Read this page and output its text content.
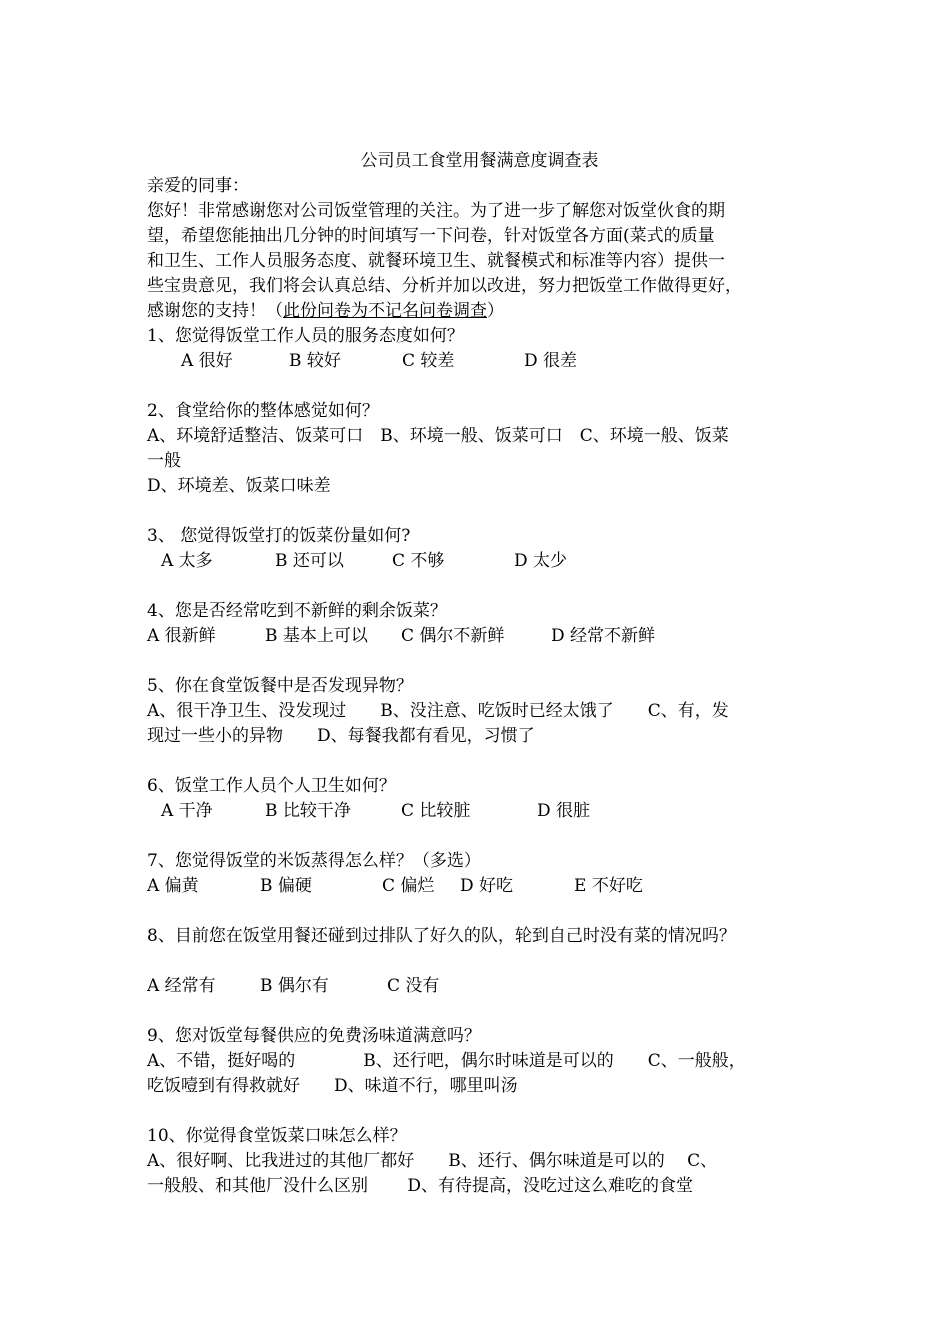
公司员工食堂用餐满意度调查表

亲爱的同事：

您好！非常感谢您对公司饭堂管理的关注。为了进一步了解您对饭堂伙食的期

望，希望您能抽出几分钟的时间填写一下问卷，针对饭堂各方面(菜式的质量

和卫生、工作人员服务态度、就餐环境卫生、就餐模式和标准等内容）提供一

些宝贵意见，我们将会认真总结、分析并加以改进，努力把饭堂工作做得更好，

感谢您的支持！（此份问卷为不记名问卷调查）

1、您觉得饭堂工作人员的服务态度如何？

A 很好	B 较好	C 较差	D 很差

2、食堂给你的整体感觉如何？

A、环境舒适整洁、饭菜可口　B、环境一般、饭菜可口　C、环境一般、饭菜

一般

D、环境差、饭菜口味差

3、 您觉得饭堂打的饭菜份量如何?

A 太多	B 还可以	C 不够	D 太少

4、您是否经常吃到不新鲜的剩余饭菜？

A 很新鲜	B 基本上可以 C 偶尔不新鲜	D 经常不新鲜

5、你在食堂饭餐中是否发现异物？

A、很干净卫生、没发现过　　B、没注意、吃饭时已经太饿了　　C、有，发

现过一些小的异物　　D、每餐我都有看见，习惯了

6、饭堂工作人员个人卫生如何？

A 干净	B 比较干净	C 比较脏	D 很脏

7、您觉得饭堂的米饭蒸得怎么样？（多选）

A 偏黄	B 偏硬	C 偏烂 D 好吃	E 不好吃

8、目前您在饭堂用餐还碰到过排队了好久的队，轮到自己时没有菜的情况吗？

A 经常有	B 偶尔有	C 没有

9、您对饭堂每餐供应的免费汤味道满意吗？

A、不错，挺好喝的　　　　B、还行吧，偶尔时味道是可以的　　C、一般般，

吃饭噎到有得救就好　　D、味道不行，哪里叫汤

10、你觉得食堂饭菜口味怎么样？

A、很好啊、比我进过的其他厂都好　　B、还行、偶尔味道是可以的　 C、

一般般、和其他厂没什么区别　　 D、有待提高，没吃过这么难吃的食堂
